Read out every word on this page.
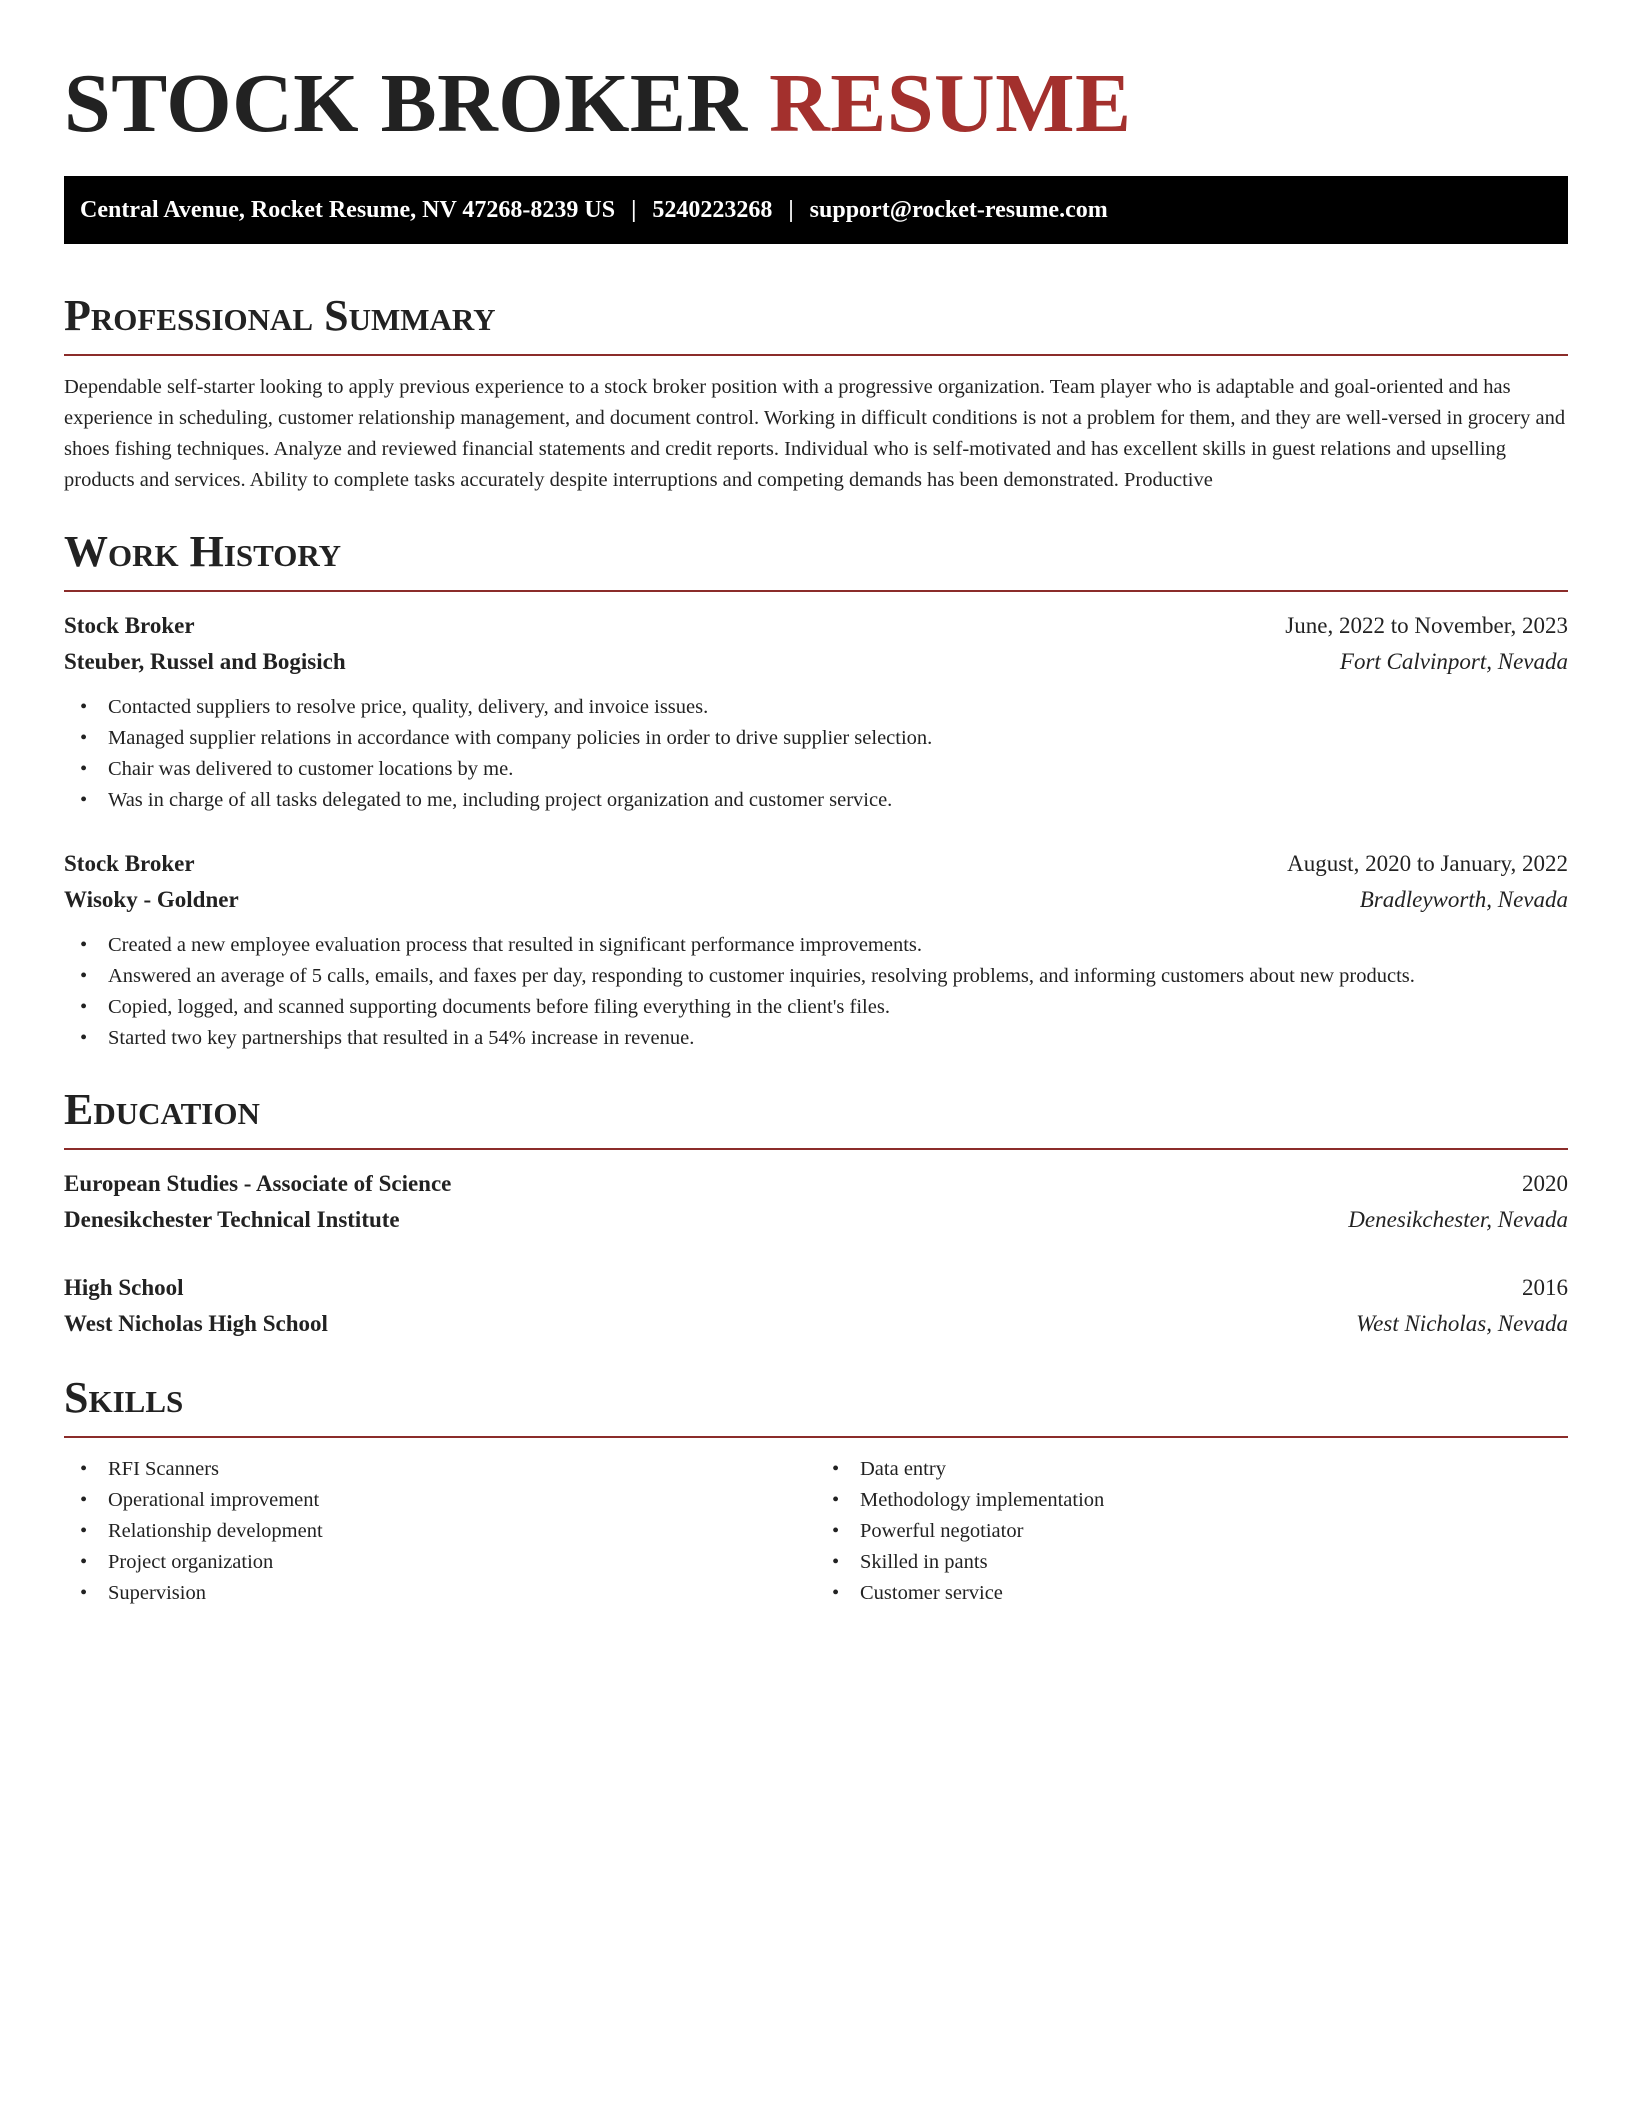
STOCK BROKER RESUME
Central Avenue, Rocket Resume, NV 47268-8239 US | 5240223268 | support@rocket-resume.com
Professional Summary

Dependable self-starter looking to apply previous experience to a stock broker position with a progressive organization. Team player who is adaptable and goal-oriented and has experience in scheduling, customer relationship management, and document control. Working in difficult conditions is not a problem for them, and they are well-versed in grocery and shoes fishing techniques. Analyze and reviewed financial statements and credit reports. Individual who is self-motivated and has excellent skills in guest relations and upselling products and services. Ability to complete tasks accurately despite interruptions and competing demands has been demonstrated. Productive

Work History
Stock Broker	June, 2022 to November, 2023
Steuber, Russel and Bogisich	Fort Calvinport, Nevada
• Contacted suppliers to resolve price, quality, delivery, and invoice issues.
• Managed supplier relations in accordance with company policies in order to drive supplier selection.
• Chair was delivered to customer locations by me.
• Was in charge of all tasks delegated to me, including project organization and customer service.
Stock Broker	August, 2020 to January, 2022
Wisoky - Goldner	Bradleyworth, Nevada
• Created a new employee evaluation process that resulted in significant performance improvements.
• Answered an average of 5 calls, emails, and faxes per day, responding to customer inquiries, resolving problems, and informing customers about new products.
• Copied, logged, and scanned supporting documents before filing everything in the client's files.
• Started two key partnerships that resulted in a 54% increase in revenue.
Education
European Studies - Associate of Science	2020
Denesikchester Technical Institute	Denesikchester, Nevada
High School	2016
West Nicholas High School	West Nicholas, Nevada
Skills
• RFI Scanners
• Operational improvement
• Relationship development
• Project organization
• Supervision
• Data entry
• Methodology implementation
• Powerful negotiator
• Skilled in pants
• Customer service
